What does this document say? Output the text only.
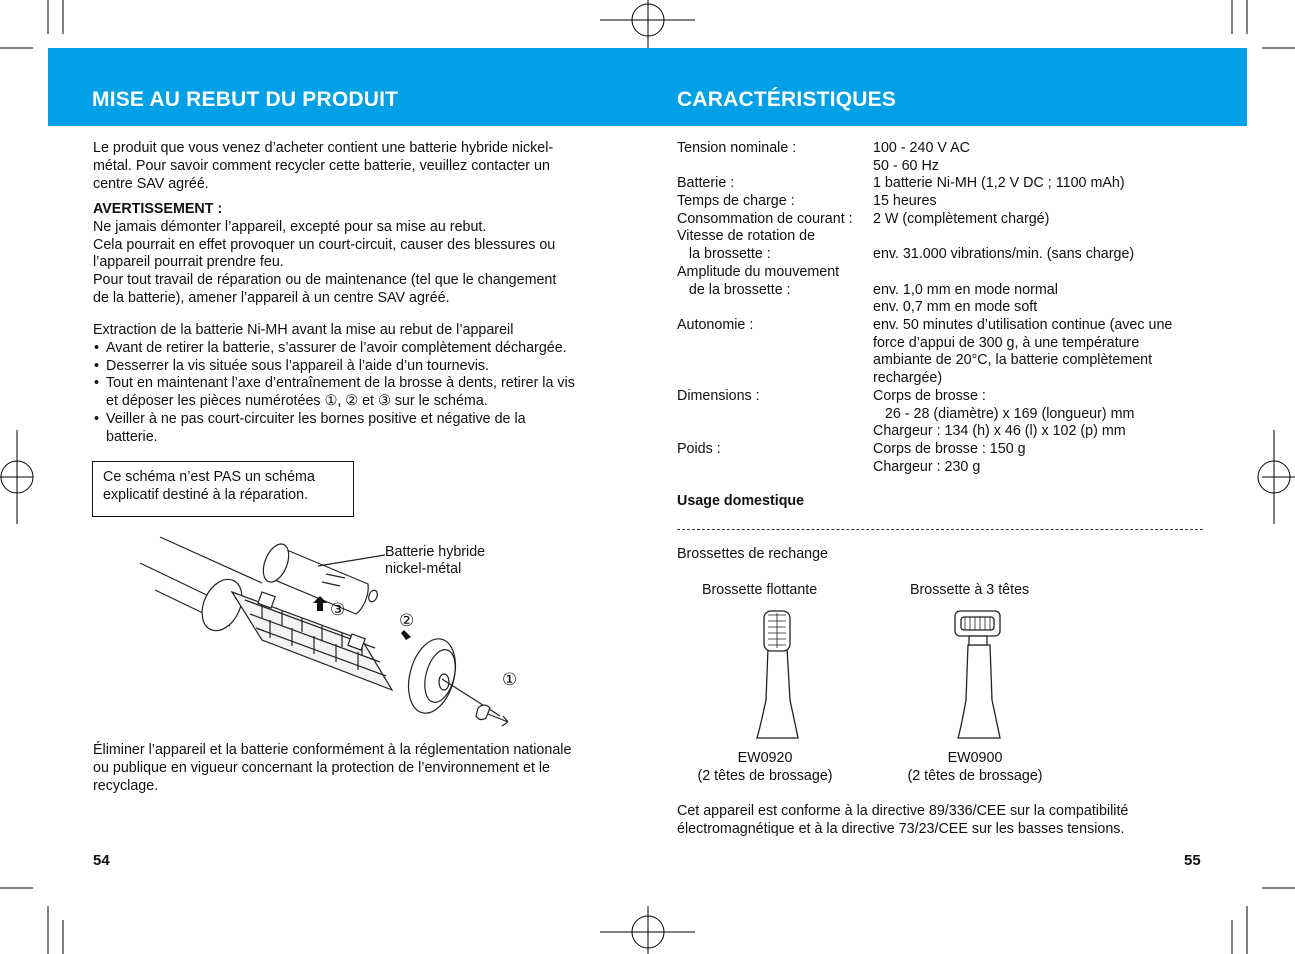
MISE AU REBUT DU PRODUIT	CARACTÉRISTIQUES
Le produit que vous venez d’acheter contient une batterie hybride nickel-
métal. Pour savoir comment recycler cette batterie, veuillez contacter un
centre SAV agréé.
AVERTISSEMENT :
Ne jamais démonter l’appareil, excepté pour sa mise au rebut.
Cela pourrait en effet provoquer un court-circuit, causer des blessures ou
l’appareil pourrait prendre feu.
Pour tout travail de réparation ou de maintenance (tel que le changement
de la batterie), amener l’appareil à un centre SAV agréé.
Extraction de la batterie Ni-MH avant la mise au rebut de l’appareil
• Avant de retirer la batterie, s’assurer de l’avoir complètement déchargée.
• Desserrer la vis située sous l’appareil à l’aide d’un tournevis.
• Tout en maintenant l’axe d’entraînement de la brosse à dents, retirer la vis
et déposer les pièces numérotées ①, ② et ③ sur le schéma.
• Veiller à ne pas court-circuiter les bornes positive et négative de la
batterie.
Ce schéma n’est PAS un schéma
explicatif destiné à la réparation.
Batterie hybride
nickel-métal
③
②
①
Éliminer l’appareil et la batterie conformément à la réglementation nationale
ou publique en vigueur concernant la protection de l’environnement et le
recyclage.
54
Tension nominale :	100 - 240 V AC
50 - 60 Hz
Batterie :	1 batterie Ni-MH (1,2 V DC ; 1100 mAh)
Temps de charge :	15 heures
Consommation de courant : 2 W (complètement chargé)
Vitesse de rotation de
la brossette :	env. 31.000 vibrations/min. (sans charge)
Amplitude du mouvement
de la brossette :	env. 1,0 mm en mode normal
env. 0,7 mm en mode soft
Autonomie :	env. 50 minutes d’utilisation continue (avec une
force d’appui de 300 g, à une température
ambiante de 20°C, la batterie complètement
rechargée)
Dimensions :	Corps de brosse :
26 - 28 (diamètre) x 169 (longueur) mm
Chargeur : 134 (h) x 46 (l) x 102 (p) mm
Poids :	Corps de brosse : 150 g
Chargeur : 230 g
Usage domestique
Brossettes de rechange
Brossette flottante	Brossette à 3 têtes
EW0920
(2 têtes de brossage)
EW0900
(2 têtes de brossage)
Cet appareil est conforme à la directive 89/336/CEE sur la compatibilité
électromagnétique et à la directive 73/23/CEE sur les basses tensions.
55
